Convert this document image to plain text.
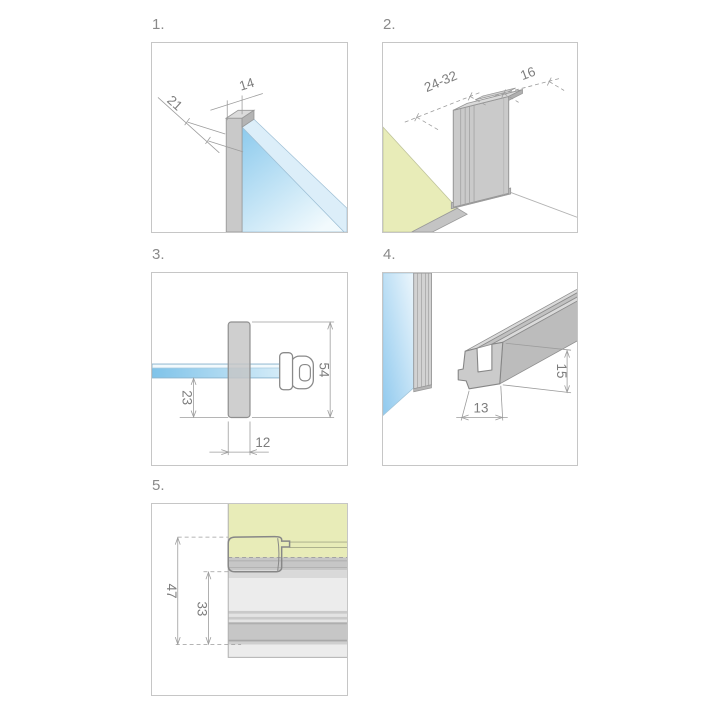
1.	2.
3.	4.
5.
14
21
24-32	16
54
23
12
15
13
47
33
